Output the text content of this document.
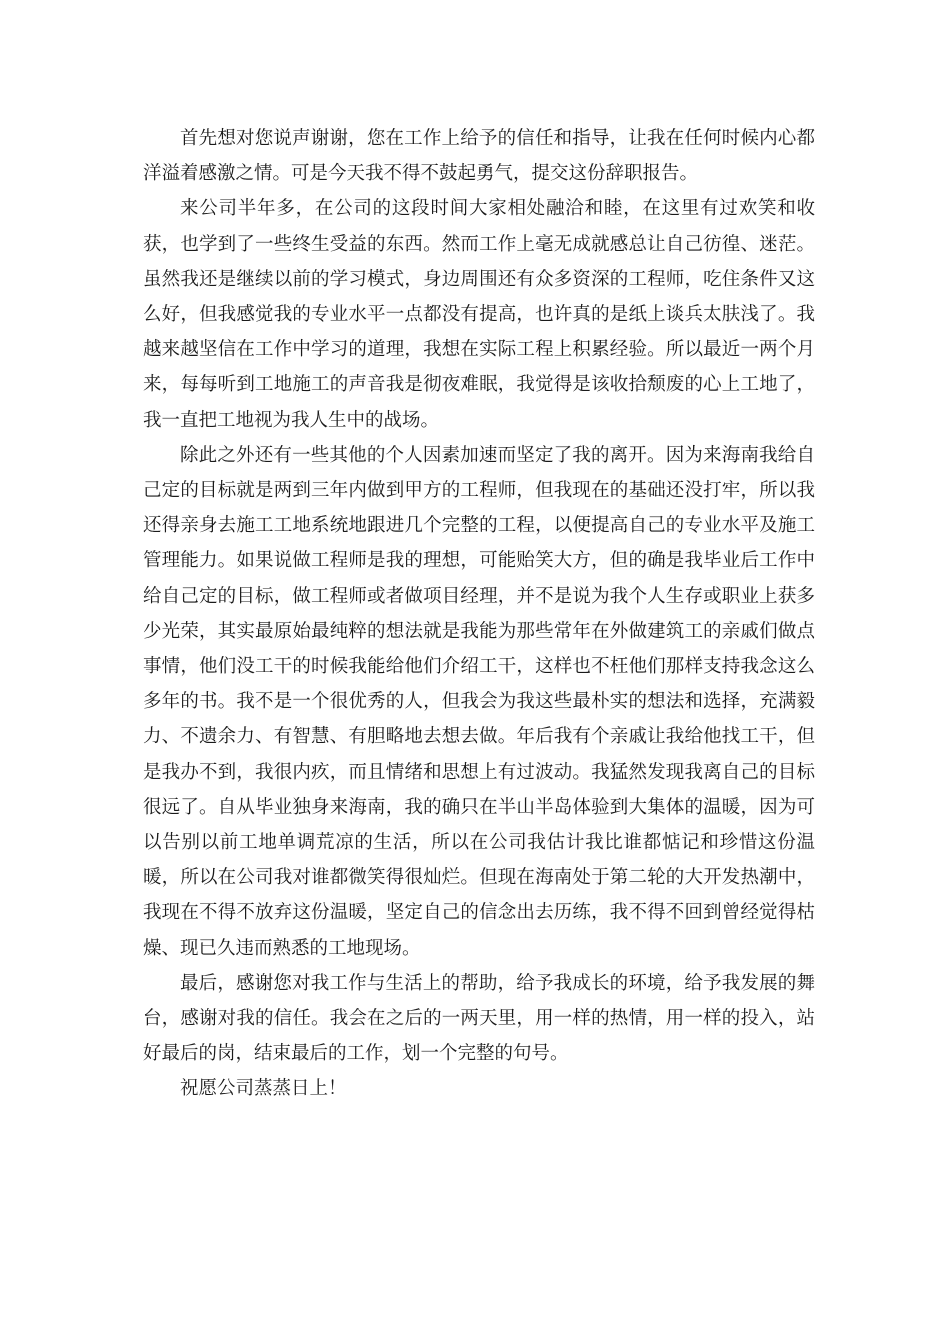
首先想对您说声谢谢，您在工作上给予的信任和指导，让我在任何时候内心都洋溢着感激之情。可是今天我不得不鼓起勇气，提交这份辞职报告。

来公司半年多，在公司的这段时间大家相处融洽和睦，在这里有过欢笑和收获，也学到了一些终生受益的东西。然而工作上毫无成就感总让自己彷徨、迷茫。虽然我还是继续以前的学习模式，身边周围还有众多资深的工程师，吃住条件又这么好，但我感觉我的专业水平一点都没有提高，也许真的是纸上谈兵太肤浅了。我越来越坚信在工作中学习的道理，我想在实际工程上积累经验。所以最近一两个月来，每每听到工地施工的声音我是彻夜难眠，我觉得是该收拾颓废的心上工地了，我一直把工地视为我人生中的战场。

除此之外还有一些其他的个人因素加速而坚定了我的离开。因为来海南我给自己定的目标就是两到三年内做到甲方的工程师，但我现在的基础还没打牢，所以我还得亲身去施工工地系统地跟进几个完整的工程，以便提高自己的专业水平及施工管理能力。如果说做工程师是我的理想，可能贻笑大方，但的确是我毕业后工作中给自己定的目标，做工程师或者做项目经理，并不是说为我个人生存或职业上获多少光荣，其实最原始最纯粹的想法就是我能为那些常年在外做建筑工的亲戚们做点事情，他们没工干的时候我能给他们介绍工干，这样也不枉他们那样支持我念这么多年的书。我不是一个很优秀的人，但我会为我这些最朴实的想法和选择，充满毅力、不遗余力、有智慧、有胆略地去想去做。年后我有个亲戚让我给他找工干，但是我办不到，我很内疚，而且情绪和思想上有过波动。我猛然发现我离自己的目标很远了。自从毕业独身来海南，我的确只在半山半岛体验到大集体的温暖，因为可以告别以前工地单调荒凉的生活，所以在公司我估计我比谁都惦记和珍惜这份温暖，所以在公司我对谁都微笑得很灿烂。但现在海南处于第二轮的大开发热潮中，我现在不得不放弃这份温暖，坚定自己的信念出去历练，我不得不回到曾经觉得枯燥、现已久违而熟悉的工地现场。

最后，感谢您对我工作与生活上的帮助，给予我成长的环境，给予我发展的舞台，感谢对我的信任。我会在之后的一两天里，用一样的热情，用一样的投入，站好最后的岗，结束最后的工作，划一个完整的句号。

祝愿公司蒸蒸日上！
